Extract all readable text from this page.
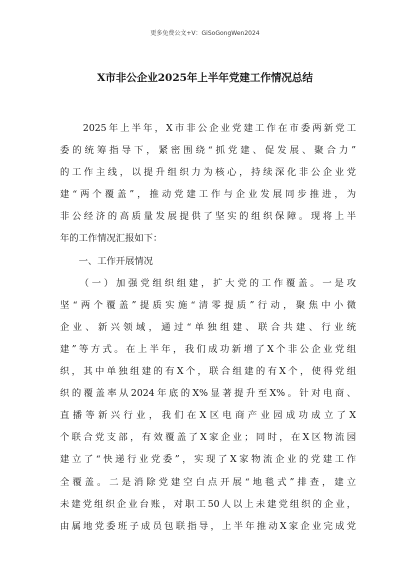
更多免费公文+V：GiSoGongWen2024
X市非公企业2025年上半年党建工作情况总结
　　2025年上半年，X市非公企业党建工作在市委两新党工
委的统筹指导下，紧密围绕“抓党建、促发展、聚合力”
的工作主线，以提升组织力为核心，持续深化非公企业党
建“两个覆盖”，推动党建工作与企业发展同步推进，为
非公经济的高质量发展提供了坚实的组织保障。现将上半
年的工作情况汇报如下：
　　一、工作开展情况
　　（一）加强党组织组建，扩大党的工作覆盖。一是攻
坚“两个覆盖”提质实施“清零提质”行动，聚焦中小微
企业、新兴领域，通过“单独组建、联合共建、行业统
建”等方式。在上半年，我们成功新增了X个非公企业党组
织，其中单独组建的有X个，联合组建的有X个，使得党组
织的覆盖率从2024年底的X%显著提升至X%。针对电商、
直播等新兴行业，我们在X区电商产业园成功成立了X
个联合党支部，有效覆盖了X家企业；同时，在X区物流园
建立了“快递行业党委”，实现了X家物流企业的党建工作
全覆盖。二是消除党建空白点开展“地毯式”排查，建立
未建党组织企业台账，对职工50人以上未建党组织的企业，
由属地党委班子成员包联指导，上半年推动X家企业完成党
